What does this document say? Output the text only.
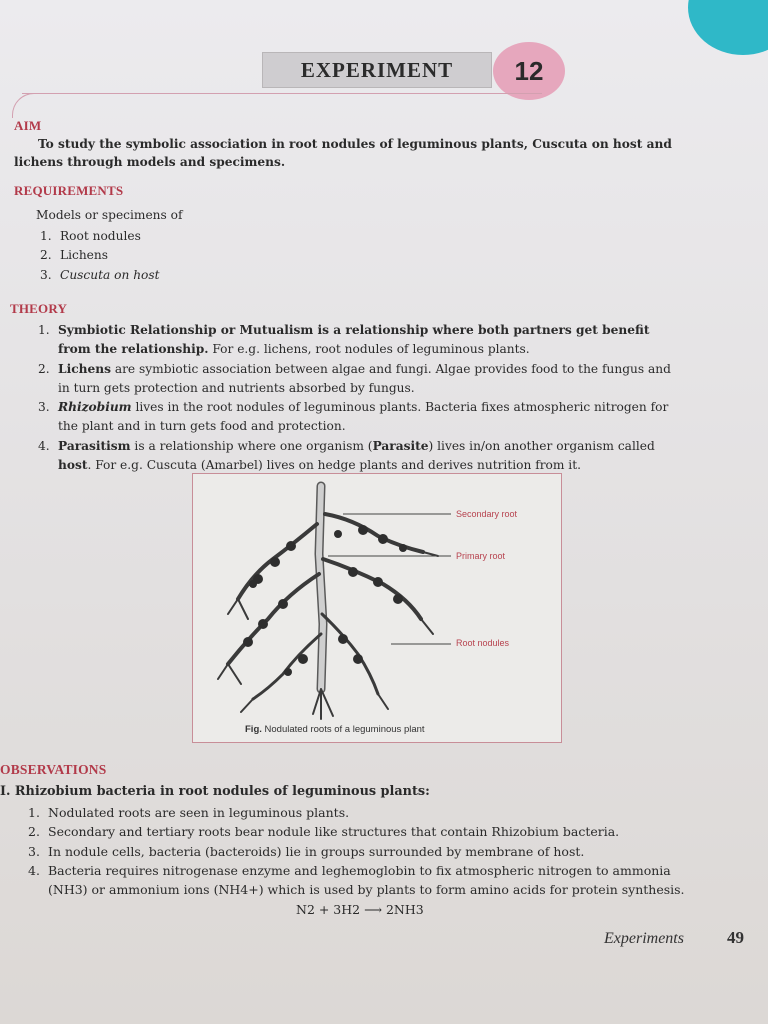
EXPERIMENT 12
AIM
To study the symbolic association in root nodules of leguminous plants, Cuscuta on host and
lichens through models and specimens.
REQUIREMENTS
Models or specimens of
1. Root nodules
2. Lichens
3. Cuscuta on host
THEORY
1. Symbiotic Relationship or Mutualism is a relationship where both partners get benefit
from the relationship. For e.g. lichens, root nodules of leguminous plants.
2. Lichens are symbiotic association between algae and fungi. Algae provides food to the fungus and
in turn gets protection and nutrients absorbed by fungus.
3. Rhizobium lives in the root nodules of leguminous plants. Bacteria fixes atmospheric nitrogen for
the plant and in turn gets food and protection.
4. Parasitism is a relationship where one organism (Parasite) lives in/on another organism called
host. For e.g. Cuscuta (Amarbel) lives on hedge plants and derives nutrition from it.
Secondary root
Primary root
Root nodules
Fig. Nodulated roots of a leguminous plant
OBSERVATIONS
I. Rhizobium bacteria in root nodules of leguminous plants:
1. Nodulated roots are seen in leguminous plants.
2. Secondary and tertiary roots bear nodule like structures that contain Rhizobium bacteria.
3. In nodule cells, bacteria (bacteroids) lie in groups surrounded by membrane of host.
4. Bacteria requires nitrogenase enzyme and leghemoglobin to fix atmospheric nitrogen to ammonia
(NH3) or ammonium ions (NH4+) which is used by plants to form amino acids for protein synthesis.
N2 + 3H2 ⟶ 2NH3
Experiments	49
